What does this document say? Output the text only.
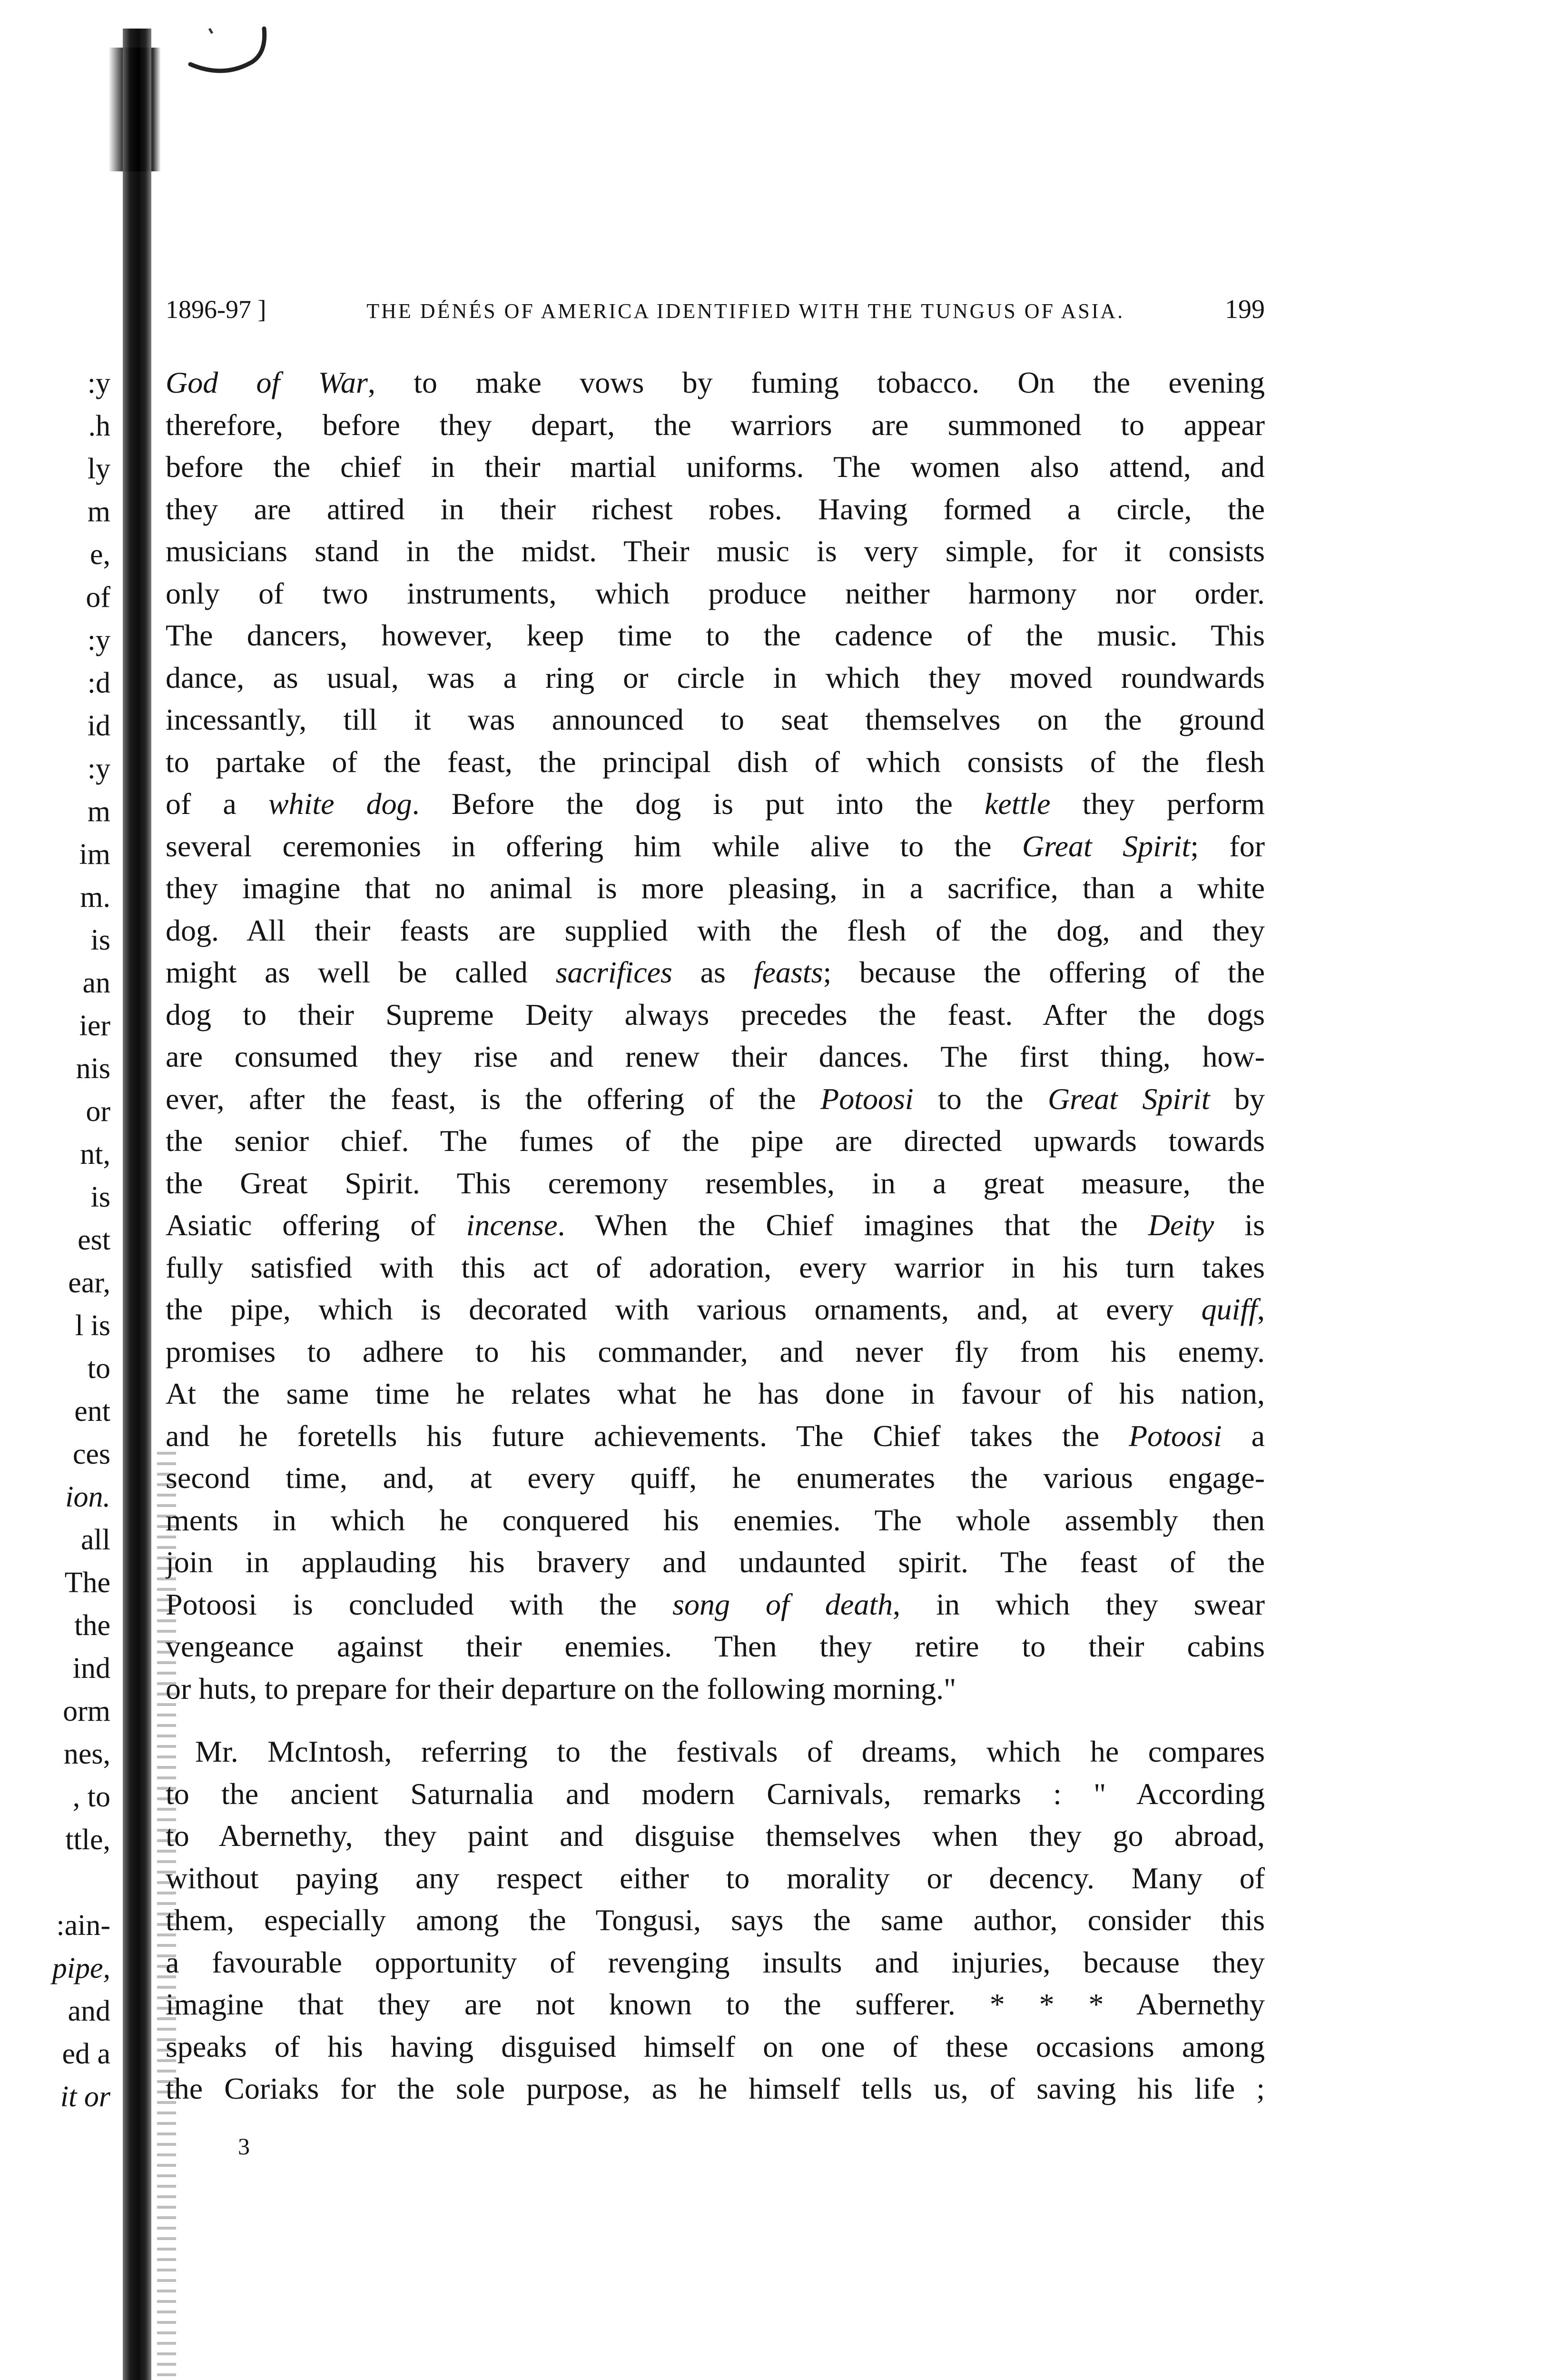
:y
.h
ly
m
e,
of
:y
:d
id
:y
m
im
m.
is
an
ier
nis
or
nt,
is
est
ear,
l is
to
ent
ces
ion.
all
The
the
ind
orm
nes,
, to
ttle,
:ain-
pipe,
and
ed a
it or
1896-97 ]	THE DÉNÉS OF AMERICA IDENTIFIED WITH THE TUNGUS OF ASIA.	199
God of War, to make vows by fuming tobacco. On the evening
therefore, before they depart, the warriors are summoned to appear
before the chief in their martial uniforms. The women also attend, and
they are attired in their richest robes. Having formed a circle, the
musicians stand in the midst. Their music is very simple, for it consists
only of two instruments, which produce neither harmony nor order.
The dancers, however, keep time to the cadence of the music. This
dance, as usual, was a ring or circle in which they moved roundwards
incessantly, till it was announced to seat themselves on the ground
to partake of the feast, the principal dish of which consists of the flesh
of a white dog. Before the dog is put into the kettle they perform
several ceremonies in offering him while alive to the Great Spirit; for
they imagine that no animal is more pleasing, in a sacrifice, than a white
dog. All their feasts are supplied with the flesh of the dog, and they
might as well be called sacrifices as feasts; because the offering of the
dog to their Supreme Deity always precedes the feast. After the dogs
are consumed they rise and renew their dances. The first thing, how-
ever, after the feast, is the offering of the Potoosi to the Great Spirit by
the senior chief. The fumes of the pipe are directed upwards towards
the Great Spirit. This ceremony resembles, in a great measure, the
Asiatic offering of incense. When the Chief imagines that the Deity is
fully satisfied with this act of adoration, every warrior in his turn takes
the pipe, which is decorated with various ornaments, and, at every quiff,
promises to adhere to his commander, and never fly from his enemy.
At the same time he relates what he has done in favour of his nation,
and he foretells his future achievements. The Chief takes the Potoosi a
second time, and, at every quiff, he enumerates the various engage-
ments in which he conquered his enemies. The whole assembly then
join in applauding his bravery and undaunted spirit. The feast of the
Potoosi is concluded with the song of death, in which they swear
vengeance against their enemies. Then they retire to their cabins
or huts, to prepare for their departure on the following morning."
Mr. McIntosh, referring to the festivals of dreams, which he compares
to the ancient Saturnalia and modern Carnivals, remarks : " According
to Abernethy, they paint and disguise themselves when they go abroad,
without paying any respect either to morality or decency. Many of
them, especially among the Tongusi, says the same author, consider this
a favourable opportunity of revenging insults and injuries, because they
imagine that they are not known to the sufferer. * * * Abernethy
speaks of his having disguised himself on one of these occasions among
the Coriaks for the sole purpose, as he himself tells us, of saving his life ;
3
